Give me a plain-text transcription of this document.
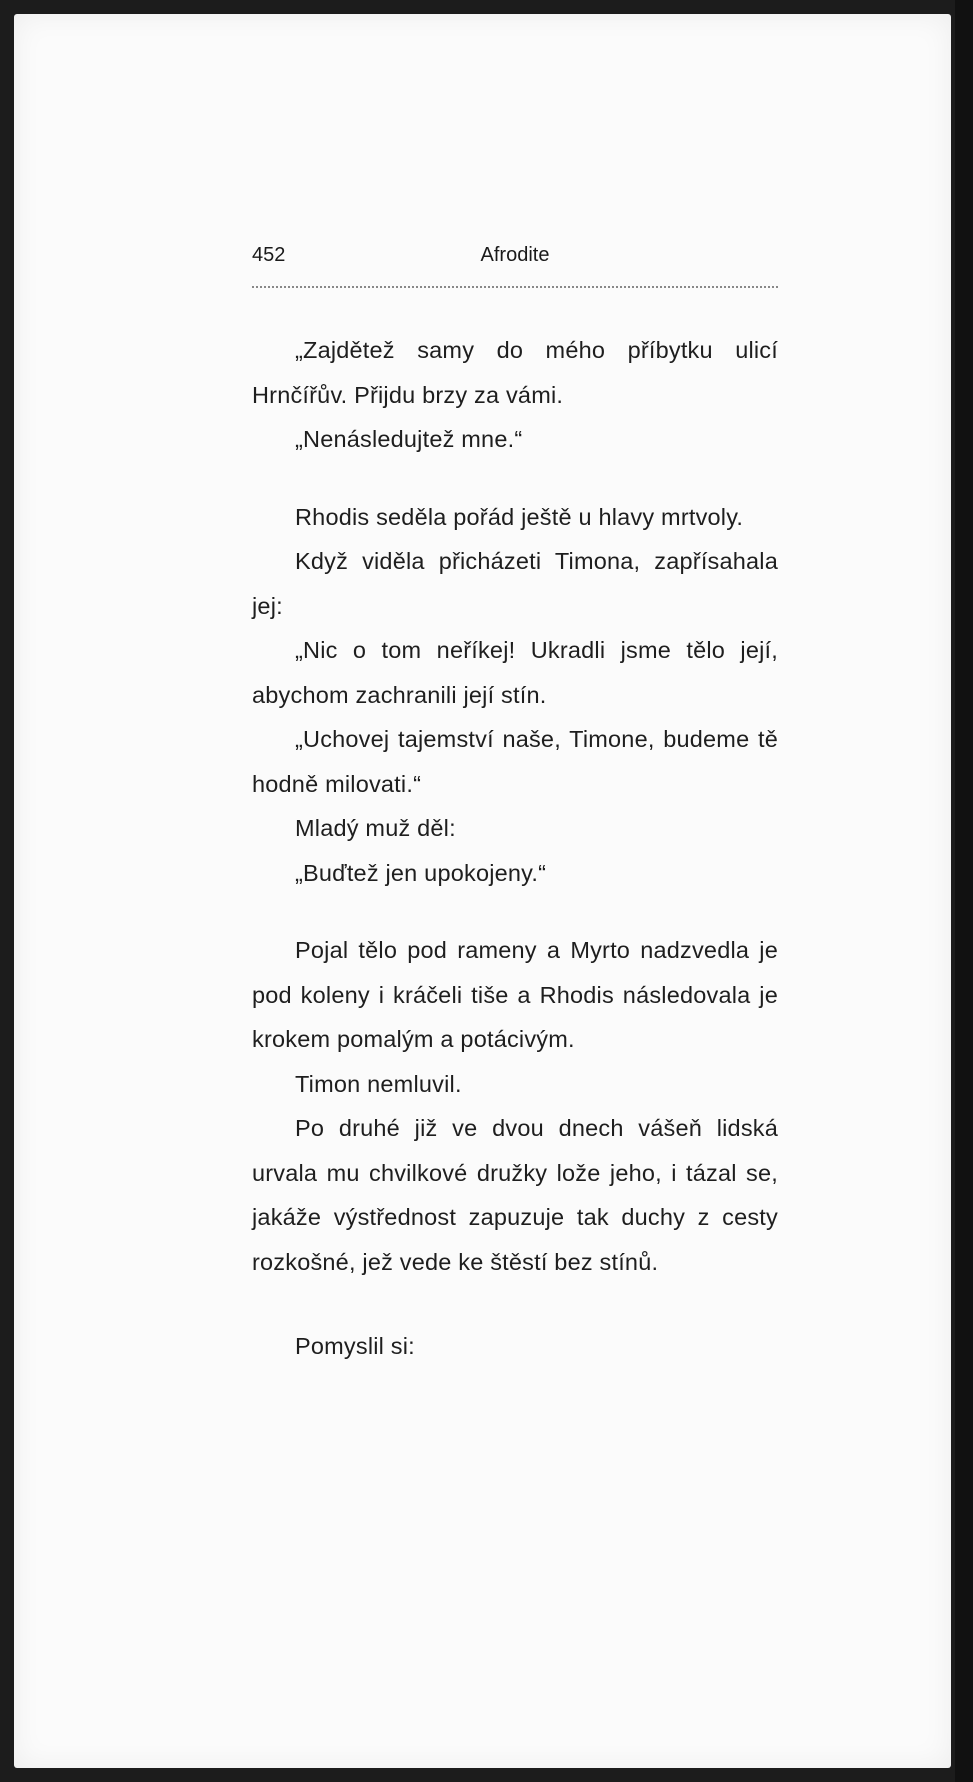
452	Afrodite

„Zajdětež samy do mého příbytku ulicí Hrnčířův. Přijdu brzy za vámi.

„Nenásledujtež mne.“

Rhodis seděla pořád ještě u hlavy mrtvoly.

Když viděla přicházeti Timona, zapřísahala jej:

„Nic o tom neříkej! Ukradli jsme tělo její, abychom zachranili její stín.

„Uchovej tajemství naše, Timone, budeme tě hodně milovati.“

Mladý muž děl:

„Buďtež jen upokojeny.“

Pojal tělo pod rameny a Myrto nadzvedla je pod koleny i kráčeli tiše a Rhodis následovala je krokem pomalým a potácivým.

Timon nemluvil.

Po druhé již ve dvou dnech vášeň lidská urvala mu chvilkové družky lože jeho, i tázal se, jakáže výstřednost zapuzuje tak duchy z cesty rozkošné, jež vede ke štěstí bez stínů.

Pomyslil si:
